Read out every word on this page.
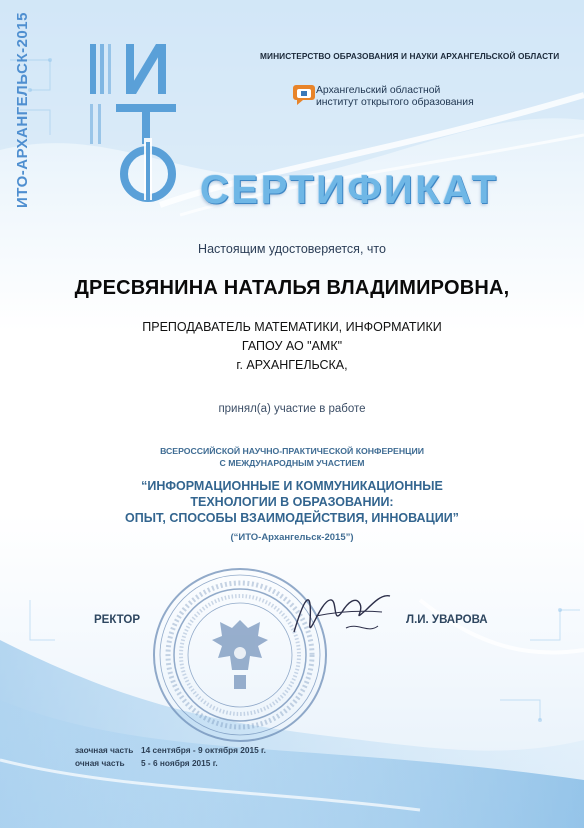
МИНИСТЕРСТВО ОБРАЗОВАНИЯ И НАУКИ АРХАНГЕЛЬСКОЙ ОБЛАСТИ
Архангельский областной
институт открытого образования
ИТО-АРХАНГЕЛЬСК-2015	СЕРТИФИКАТ
Настоящим удостоверяется, что
ДРЕСВЯНИНА НАТАЛЬЯ ВЛАДИМИРОВНА,
ПРЕПОДАВАТЕЛЬ МАТЕМАТИКИ, ИНФОРМАТИКИ
ГАПОУ АО "АМК"
г. АРХАНГЕЛЬСКА,
принял(а) участие в работе
ВСЕРОССИЙСКОЙ НАУЧНО-ПРАКТИЧЕСКОЙ КОНФЕРЕНЦИИ
С МЕЖДУНАРОДНЫМ УЧАСТИЕМ
“ИНФОРМАЦИОННЫЕ И КОММУНИКАЦИОННЫЕ
ТЕХНОЛОГИИ В ОБРАЗОВАНИИ:
ОПЫТ, СПОСОБЫ ВЗАИМОДЕЙСТВИЯ, ИННОВАЦИИ”
(“ИТО-Архангельск-2015”)
РЕКТОР	Л.И. УВАРОВА
заочная часть 14 сентября - 9 октября 2015 г.
очная часть	5 - 6 ноября 2015 г.
